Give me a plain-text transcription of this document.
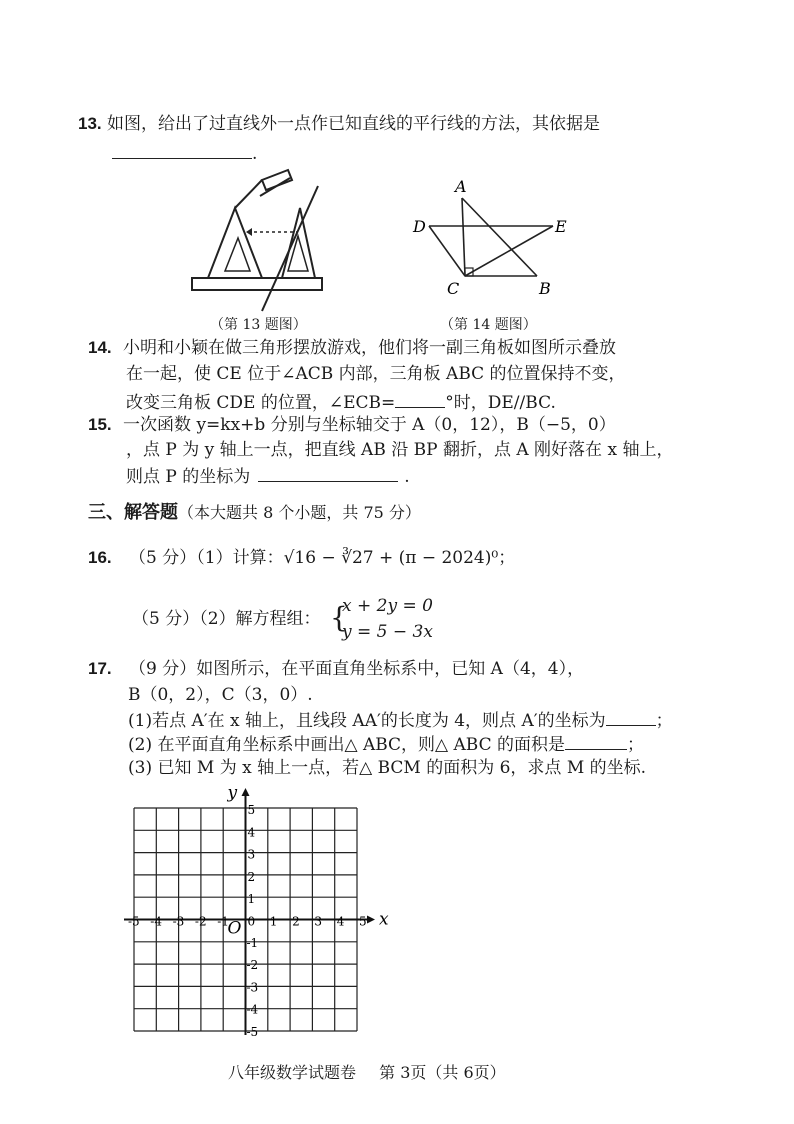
13. 如图，给出了过直线外一点作已知直线的平行线的方法，其依据是
.
（第 13 题图）
A
D	E
C	B
（第 14 题图）
14. 小明和小颖在做三角形摆放游戏，他们将一副三角板如图所示叠放
在一起，使 CE 位于∠ACB 内部，三角板 ABC 的位置保持不变，
改变三角板 CDE 的位置，∠ECB=	°时，DE//BC.
15. 一次函数 y=kx+b 分别与坐标轴交于 A（0，12），B（−5，0）
，点 P 为 y 轴上一点，把直线 AB 沿 BP 翻折，点 A 刚好落在 x 轴上，
则点 P 的坐标为	.
三、解答题（本大题共 8 个小题，共 75 分）
16. （5 分）（1）计算：√16 − ∛27 + (π − 2024)⁰；
（5 分）（2）解方程组： {
x + 2y = 0
y = 5 − 3x
17. （9 分）如图所示，在平面直角坐标系中，已知 A（4，4），
B（0，2），C（3，0）.
(1)若点 A′在 x 轴上，且线段 AA′的长度为 4，则点 A′的坐标为	；
(2) 在平面直角坐标系中画出△ ABC，则△ ABC 的面积是	；
(3) 已知 M 为 x 轴上一点，若△ BCM 的面积为 6，求点 M 的坐标.
x
y
O
-5 -4 -3 -2 -1 0 1 2 3 4 5
5
4
3
2
1
-1
-2
-3
-4
-5
八年级数学试题卷 第 3页（共 6页）
